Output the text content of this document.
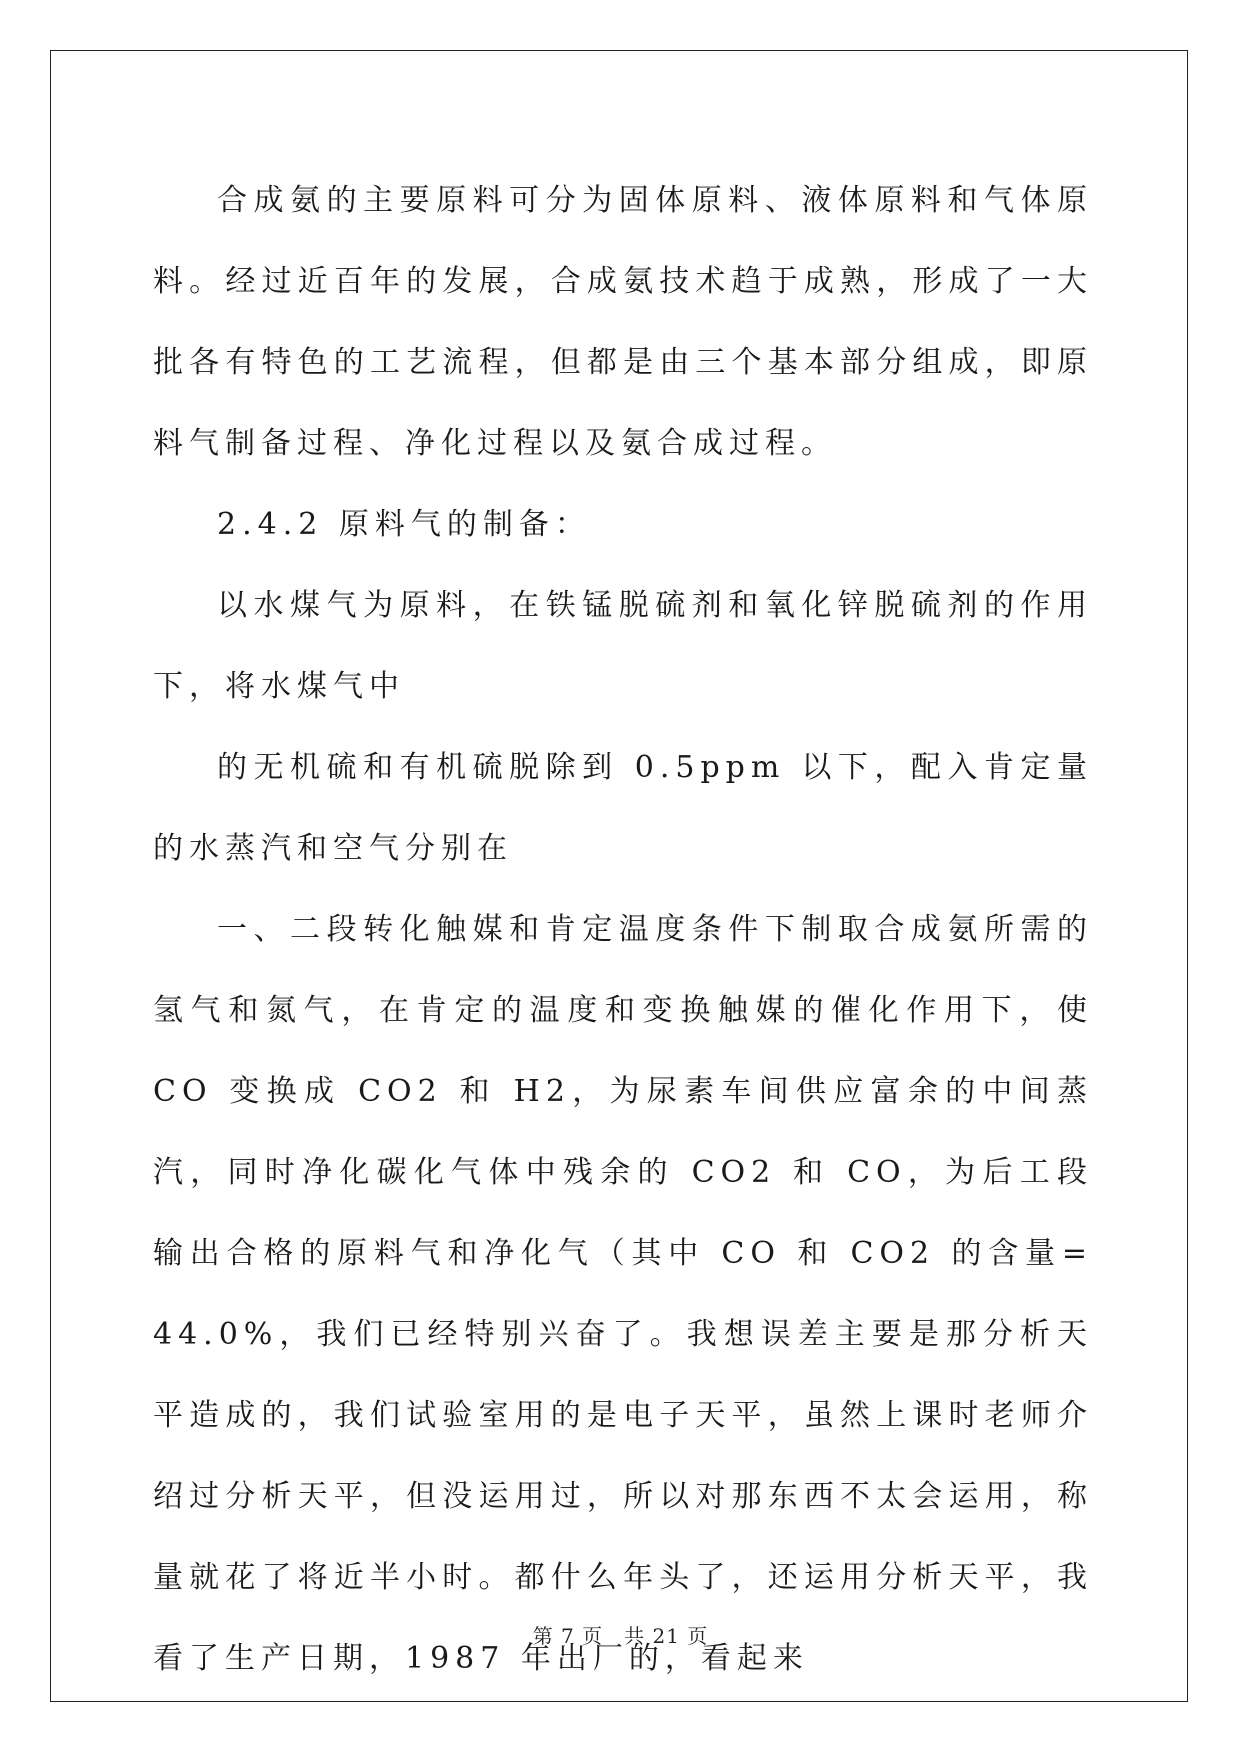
合成氨的主要原料可分为固体原料、液体原料和气体原料。经过近百年的发展，合成氨技术趋于成熟，形成了一大批各有特色的工艺流程，但都是由三个基本部分组成，即原料气制备过程、净化过程以及氨合成过程。

2.4.2 原料气的制备：

以水煤气为原料，在铁锰脱硫剂和氧化锌脱硫剂的作用下，将水煤气中

的无机硫和有机硫脱除到 0.5ppm 以下，配入肯定量的水蒸汽和空气分别在

一、二段转化触媒和肯定温度条件下制取合成氨所需的氢气和氮气，在肯定的温度和变换触媒的催化作用下，使 CO 变换成 CO2 和 H2，为尿素车间供应富余的中间蒸汽，同时净化碳化气体中残余的 CO2 和 CO，为后工段输出合格的原料气和净化气（其中 CO 和 CO2 的含量=44.0%，我们已经特别兴奋了。我想误差主要是那分析天平造成的，我们试验室用的是电子天平，虽然上课时老师介绍过分析天平，但没运用过，所以对那东西不太会运用，称量就花了将近半小时。都什么年头了，还运用分析天平，我看了生产日期，1987 年出厂的，看起来

第 7 页　共 21 页
